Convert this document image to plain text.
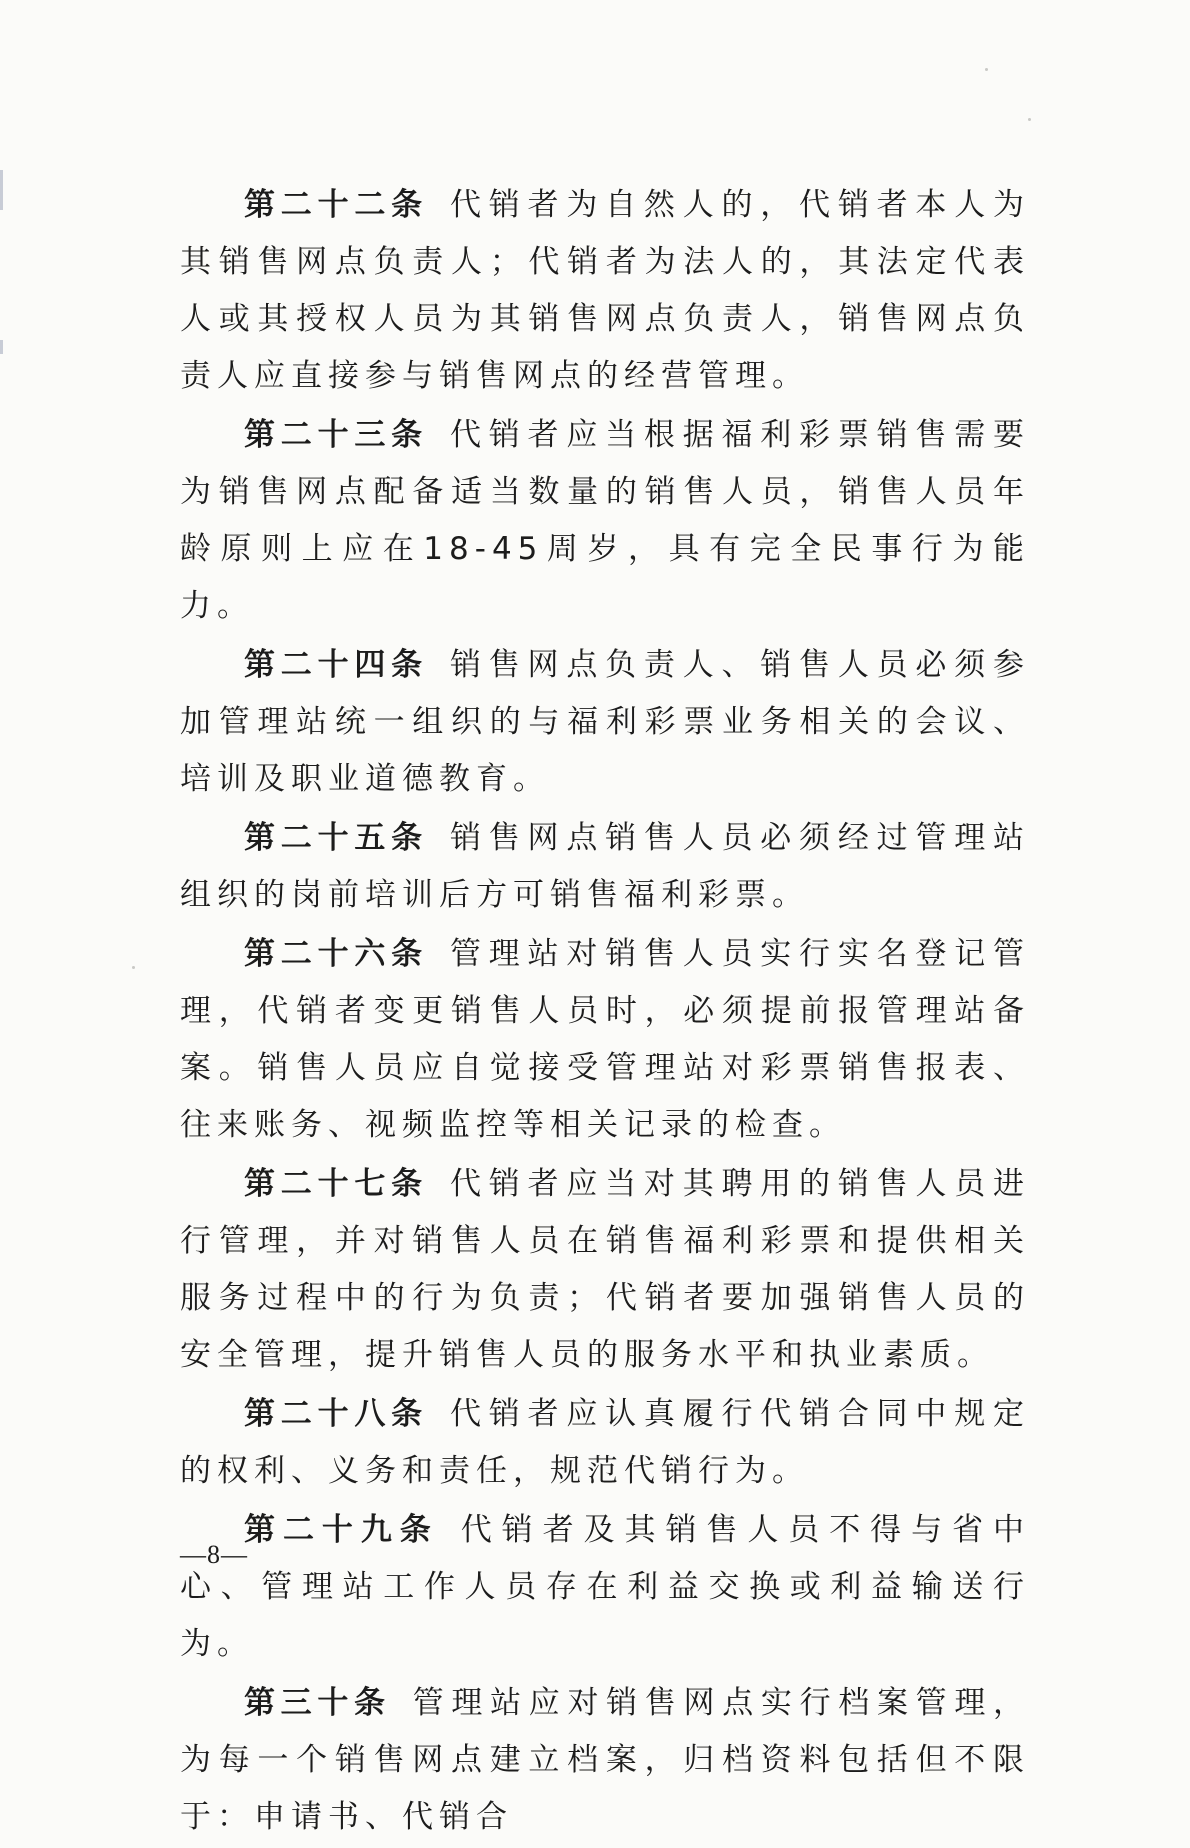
第二十二条 代销者为自然人的，代销者本人为其销售网点负责人；代销者为法人的，其法定代表人或其授权人员为其销售网点负责人，销售网点负责人应直接参与销售网点的经营管理。

第二十三条 代销者应当根据福利彩票销售需要为销售网点配备适当数量的销售人员，销售人员年龄原则上应在18-45周岁，具有完全民事行为能力。

第二十四条 销售网点负责人、销售人员必须参加管理站统一组织的与福利彩票业务相关的会议、培训及职业道德教育。

第二十五条 销售网点销售人员必须经过管理站组织的岗前培训后方可销售福利彩票。

第二十六条 管理站对销售人员实行实名登记管理，代销者变更销售人员时，必须提前报管理站备案。销售人员应自觉接受管理站对彩票销售报表、往来账务、视频监控等相关记录的检查。

第二十七条 代销者应当对其聘用的销售人员进行管理，并对销售人员在销售福利彩票和提供相关服务过程中的行为负责；代销者要加强销售人员的安全管理，提升销售人员的服务水平和执业素质。

第二十八条 代销者应认真履行代销合同中规定的权利、义务和责任，规范代销行为。

第二十九条 代销者及其销售人员不得与省中心、管理站工作人员存在利益交换或利益输送行为。

第三十条 管理站应对销售网点实行档案管理，为每一个销售网点建立档案，归档资料包括但不限于：申请书、代销合

—8—
